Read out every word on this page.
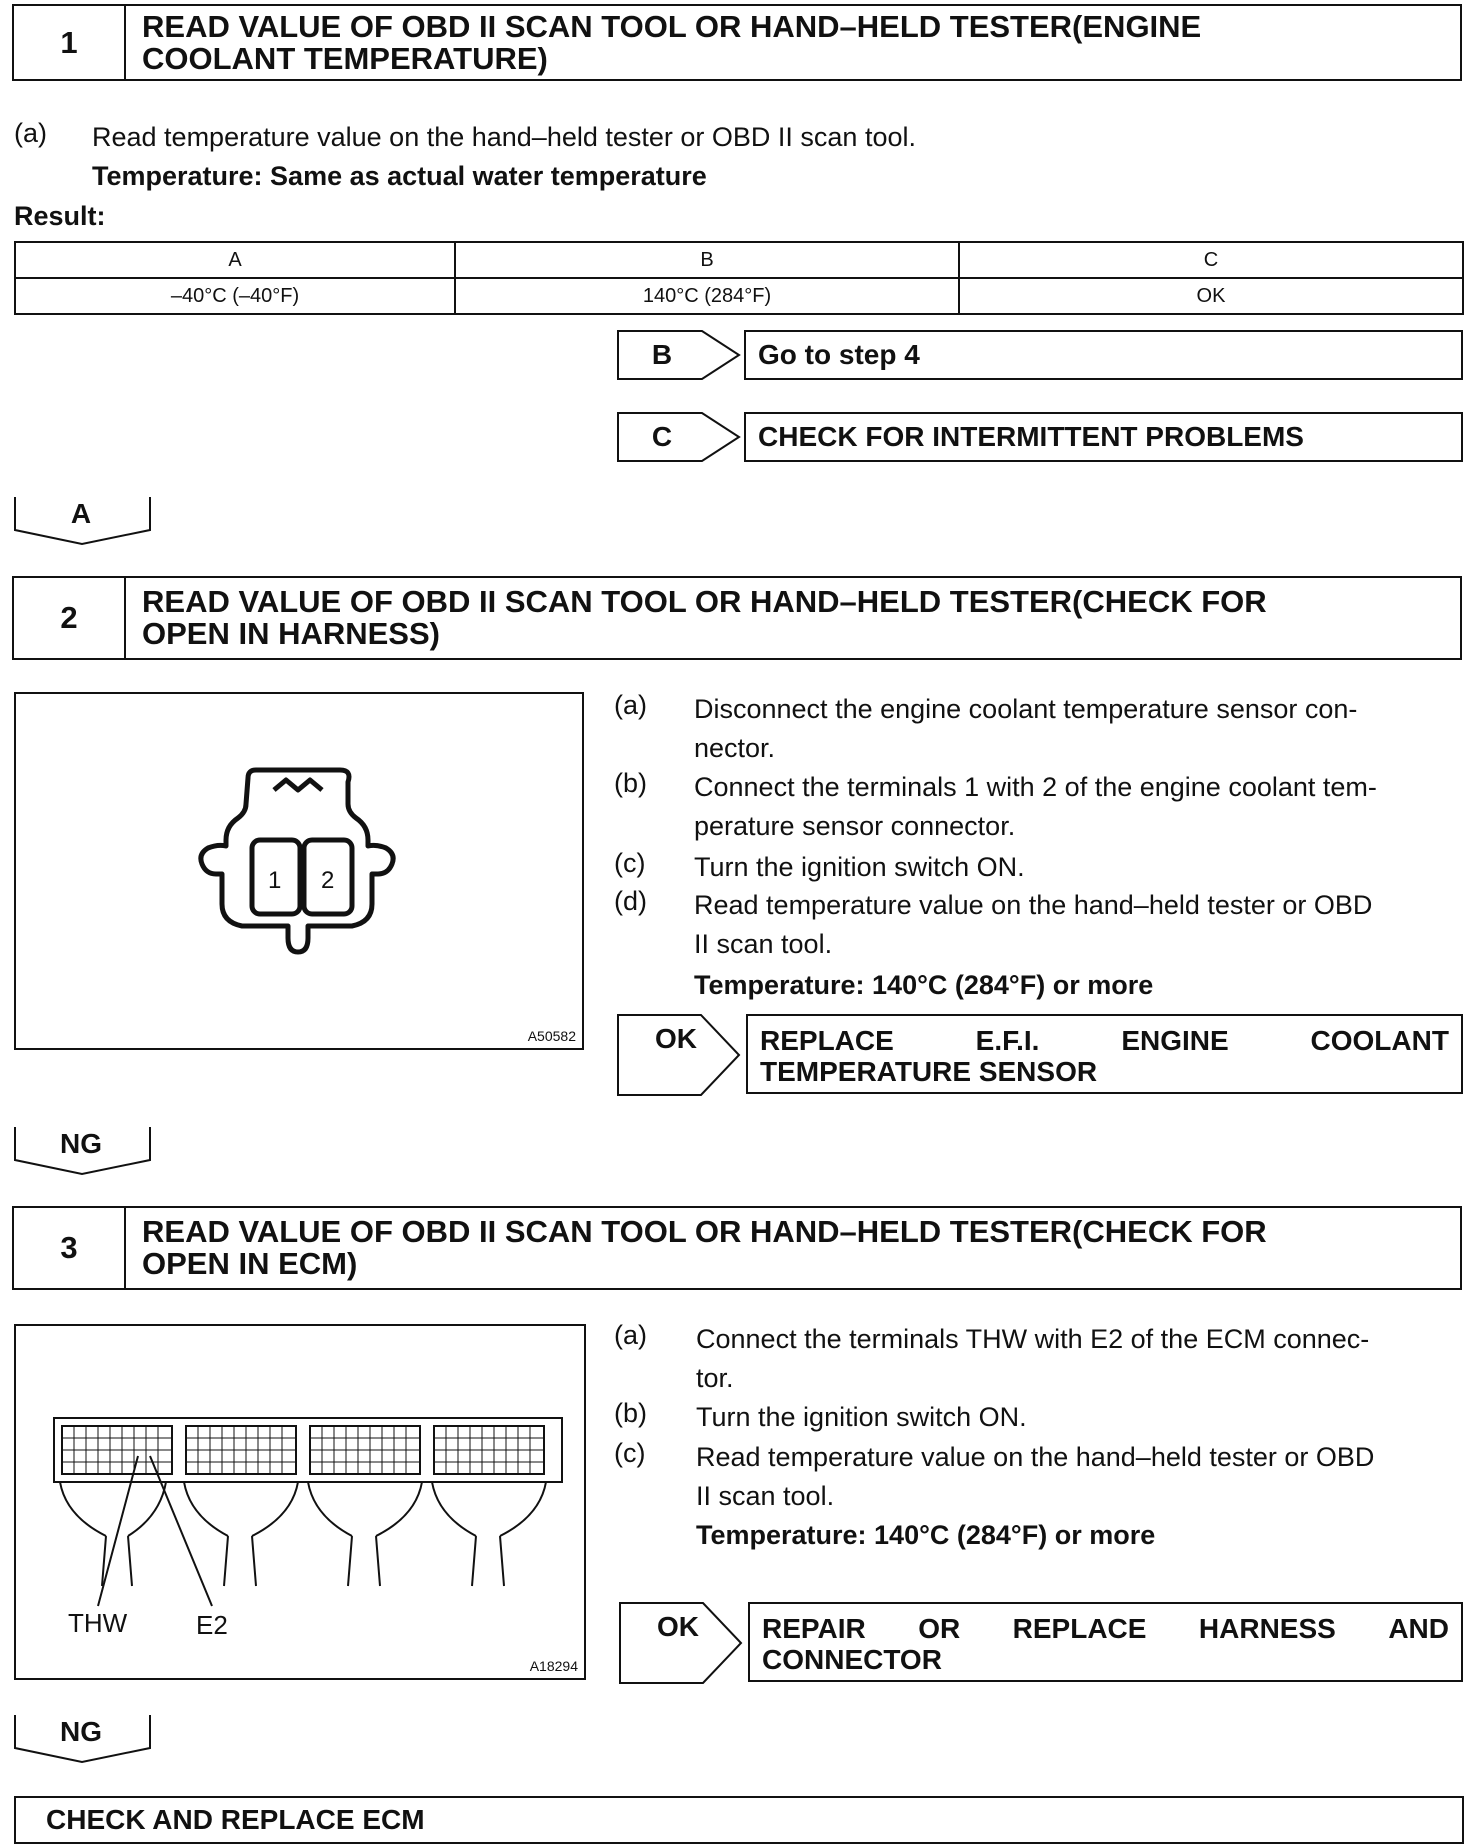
1	READ VALUE OF OBD II SCAN TOOL OR HAND–HELD TESTER(ENGINE
COOLANT TEMPERATURE)
(a)	Read temperature value on the hand–held tester or OBD II scan tool.
Temperature: Same as actual water temperature
Result:
A	B	C
–40°C (–40°F)	140°C (284°F)	OK
B	Go to step 4
C	CHECK FOR INTERMITTENT PROBLEMS
A
2	READ VALUE OF OBD II SCAN TOOL OR HAND–HELD TESTER(CHECK FOR
OPEN IN HARNESS)
1 2
A50582
(a)	Disconnect the engine coolant temperature sensor con-
nector.
(b)	Connect the terminals 1 with 2 of the engine coolant tem-
perature sensor connector.
(c)	Turn the ignition switch ON.
(d)	Read temperature value on the hand–held tester or OBD
II scan tool.
Temperature: 140°C (284°F) or more
OK	REPLACE	E.F.I.	ENGINE	COOLANT
TEMPERATURE SENSOR
NG
3	READ VALUE OF OBD II SCAN TOOL OR HAND–HELD TESTER(CHECK FOR
OPEN IN ECM)
THW	E2
A18294
(a)	Connect the terminals THW with E2 of the ECM connec-
tor.
(b)	Turn the ignition switch ON.
(c)	Read temperature value on the hand–held tester or OBD
II scan tool.
Temperature: 140°C (284°F) or more
OK	REPAIR OR REPLACE HARNESS AND
CONNECTOR
NG
CHECK AND REPLACE ECM
